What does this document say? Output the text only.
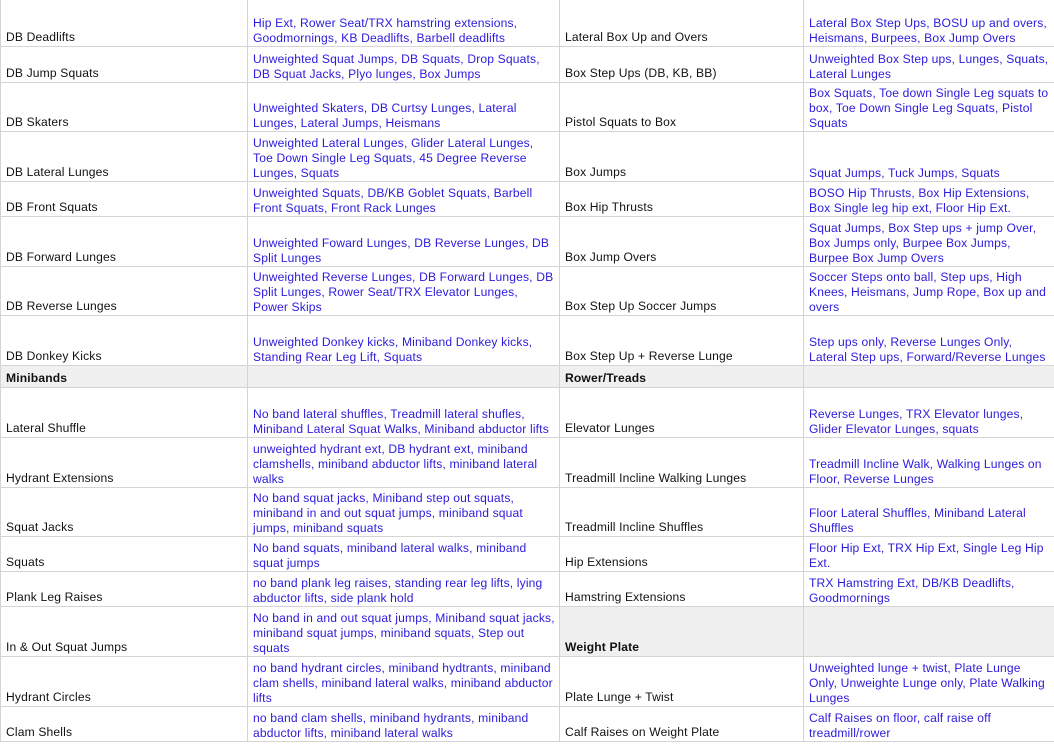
DB Deadlifts	Hip Ext, Rower Seat/TRX hamstring extensions, Goodmornings, KB Deadlifts, Barbell deadlifts	Lateral Box Up and Overs	Lateral Box Step Ups, BOSU up and overs, Heismans, Burpees, Box Jump Overs
DB Jump Squats	Unweighted Squat Jumps, DB Squats, Drop Squats, DB Squat Jacks, Plyo lunges, Box Jumps	Box Step Ups (DB, KB, BB)	Unweighted Box Step ups, Lunges, Squats, Lateral Lunges
DB Skaters	Unweighted Skaters, DB Curtsy Lunges, Lateral Lunges, Lateral Jumps, Heismans	Pistol Squats to Box	Box Squats, Toe down Single Leg squats to box, Toe Down Single Leg Squats, Pistol Squats
DB Lateral Lunges	Unweighted Lateral Lunges, Glider Lateral Lunges, Toe Down Single Leg Squats, 45 Degree Reverse Lunges, Squats	Box Jumps	Squat Jumps, Tuck Jumps, Squats
DB Front Squats	Unweighted Squats, DB/KB Goblet Squats, Barbell Front Squats, Front Rack Lunges	Box Hip Thrusts	BOSO Hip Thrusts, Box Hip Extensions, Box Single leg hip ext, Floor Hip Ext.
DB Forward Lunges	Unweighted Foward Lunges, DB Reverse Lunges, DB Split Lunges	Box Jump Overs	Squat Jumps, Box Step ups + jump Over, Box Jumps only, Burpee Box Jumps, Burpee Box Jump Overs
DB Reverse Lunges	Unweighted Reverse Lunges, DB Forward Lunges, DB Split Lunges, Rower Seat/TRX Elevator Lunges, Power Skips	Box Step Up Soccer Jumps	Soccer Steps onto ball, Step ups, High Knees, Heismans, Jump Rope, Box up and overs
DB Donkey Kicks	Unweighted Donkey kicks, Miniband Donkey kicks, Standing Rear Leg Lift, Squats	Box Step Up + Reverse Lunge	Step ups only, Reverse Lunges Only, Lateral Step ups, Forward/Reverse Lunges
Minibands		Rower/Treads	
Lateral Shuffle	No band lateral shuffles, Treadmill lateral shufles, Miniband Lateral Squat Walks, Miniband abductor lifts	Elevator Lunges	Reverse Lunges, TRX Elevator lunges, Glider Elevator Lunges, squats
Hydrant Extensions	unweighted hydrant ext, DB hydrant ext, miniband clamshells, miniband abductor lifts, miniband lateral walks	Treadmill Incline Walking Lunges	Treadmill Incline Walk, Walking Lunges on Floor, Reverse Lunges
Squat Jacks	No band squat jacks, Miniband step out squats, miniband in and out squat jumps, miniband squat jumps, miniband squats	Treadmill Incline Shuffles	Floor Lateral Shuffles, Miniband Lateral Shuffles
Squats	No band squats, miniband lateral walks, miniband squat jumps	Hip Extensions	Floor Hip Ext, TRX Hip Ext, Single Leg Hip Ext.
Plank Leg Raises	no band plank leg raises, standing rear leg lifts, lying abductor lifts, side plank hold	Hamstring Extensions	TRX Hamstring Ext, DB/KB Deadlifts, Goodmornings
In & Out Squat Jumps	No band in and out squat jumps, Miniband squat jacks, miniband squat jumps, miniband squats, Step out squats	Weight Plate	
Hydrant Circles	no band hydrant circles, miniband hydtrants, miniband clam shells, miniband lateral walks, miniband abductor lifts	Plate Lunge + Twist	Unweighted lunge + twist, Plate Lunge Only, Unweighte Lunge only, Plate Walking Lunges
Clam Shells	no band clam shells, miniband hydrants, miniband abductor lifts, miniband lateral walks	Calf Raises on Weight Plate	Calf Raises on floor, calf raise off treadmill/rower
